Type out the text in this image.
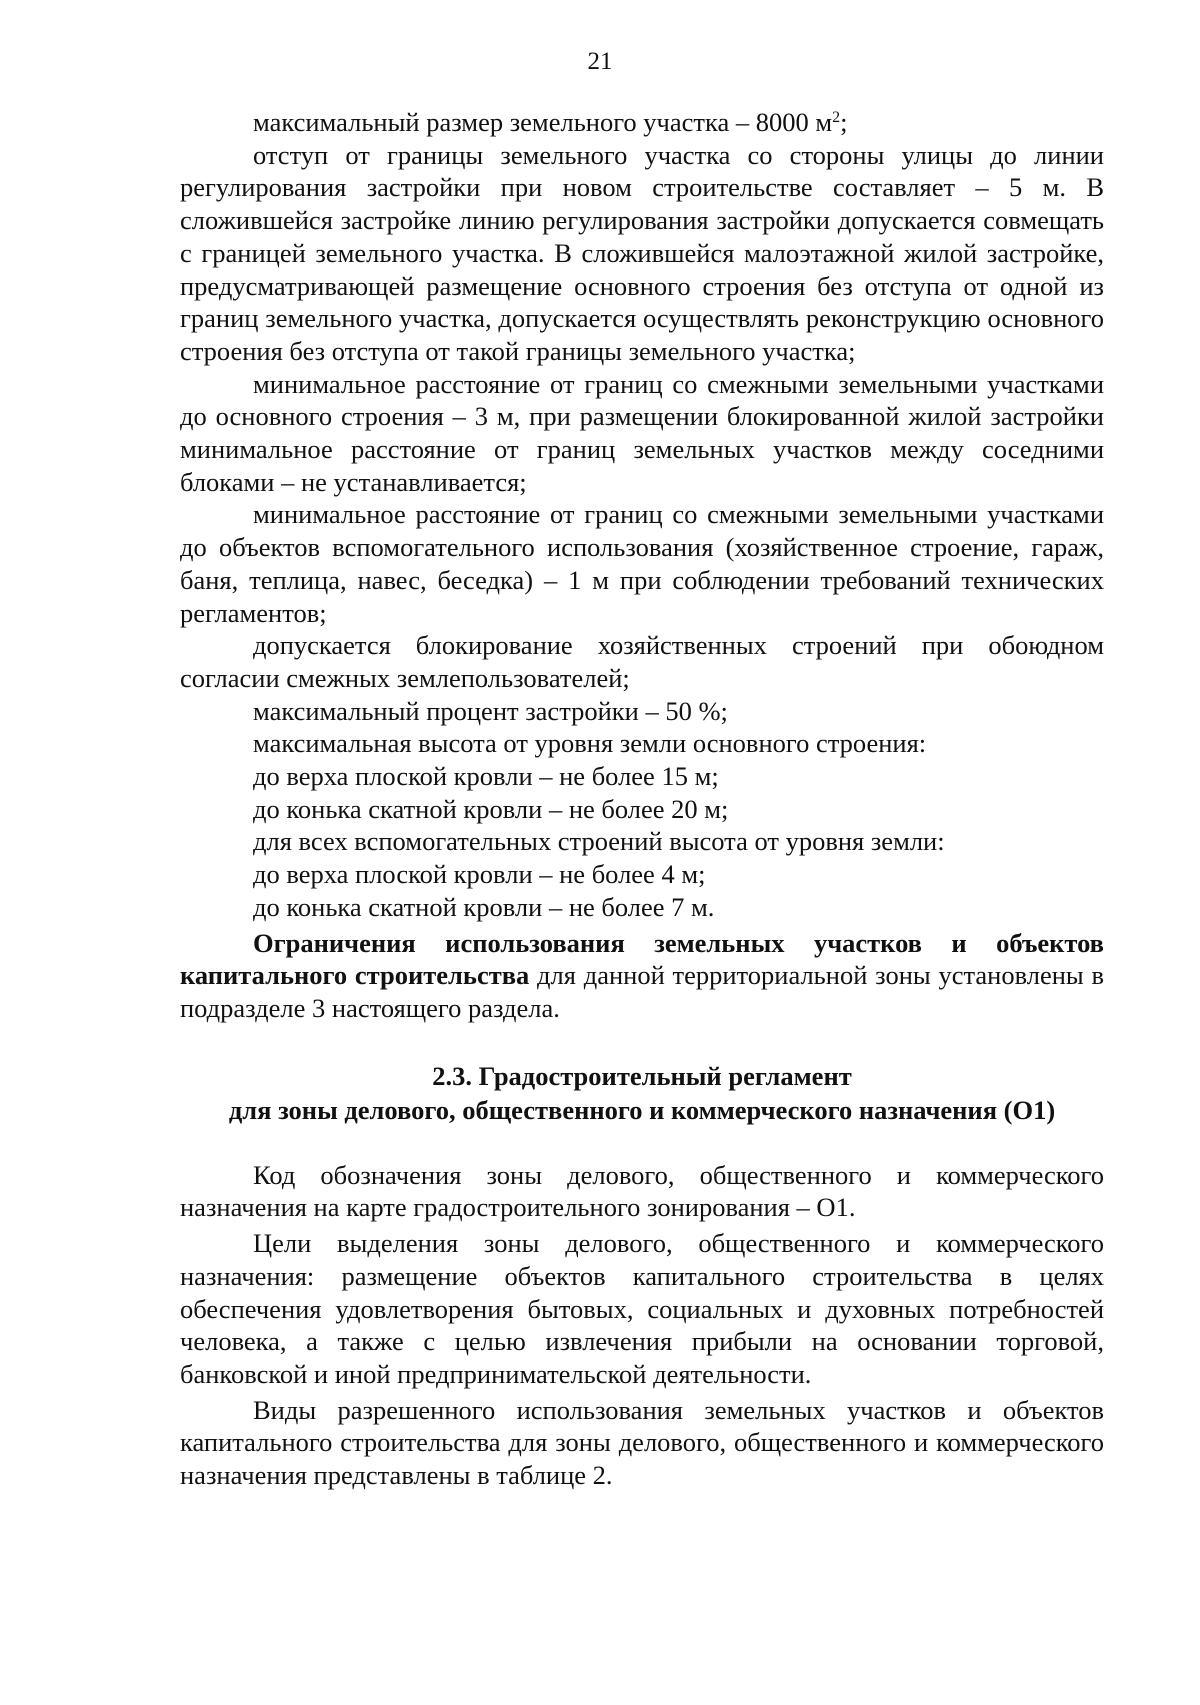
21

максимальный размер земельного участка – 8000 $м^2$;

отступ от границы земельного участка со стороны улицы до линии регулирования застройки при новом строительстве составляет – 5 м. В сложившейся застройке линию регулирования застройки допускается совмещать с границей земельного участка. В сложившейся малоэтажной жилой застройке, предусматривающей размещение основного строения без отступа от одной из границ земельного участка, допускается осуществлять реконструкцию основного строения без отступа от такой границы земельного участка;

минимальное расстояние от границ со смежными земельными участками до основного строения – 3 м, при размещении блокированной жилой застройки минимальное расстояние от границ земельных участков между соседними блоками – не устанавливается;

минимальное расстояние от границ со смежными земельными участками до объектов вспомогательного использования (хозяйственное строение, гараж, баня, теплица, навес, беседка) – 1 м при соблюдении требований технических регламентов;

допускается блокирование хозяйственных строений при обоюдном согласии смежных землепользователей;

максимальный процент застройки – 50 %;

максимальная высота от уровня земли основного строения:

до верха плоской кровли – не более 15 м;

до конька скатной кровли – не более 20 м;

для всех вспомогательных строений высота от уровня земли:

до верха плоской кровли – не более 4 м;

до конька скатной кровли – не более 7 м.

Ограничения использования земельных участков и объектов капитального строительства для данной территориальной зоны установлены в подразделе 3 настоящего раздела.

2.3. Градостроительный регламент
для зоны делового, общественного и коммерческого назначения (О1)

Код обозначения зоны делового, общественного и коммерческого назначения на карте градостроительного зонирования – О1.

Цели выделения зоны делового, общественного и коммерческого назначения: размещение объектов капитального строительства в целях обеспечения удовлетворения бытовых, социальных и духовных потребностей человека, а также с целью извлечения прибыли на основании торговой, банковской и иной предпринимательской деятельности.

Виды разрешенного использования земельных участков и объектов капитального строительства для зоны делового, общественного и коммерческого назначения представлены в таблице 2.
